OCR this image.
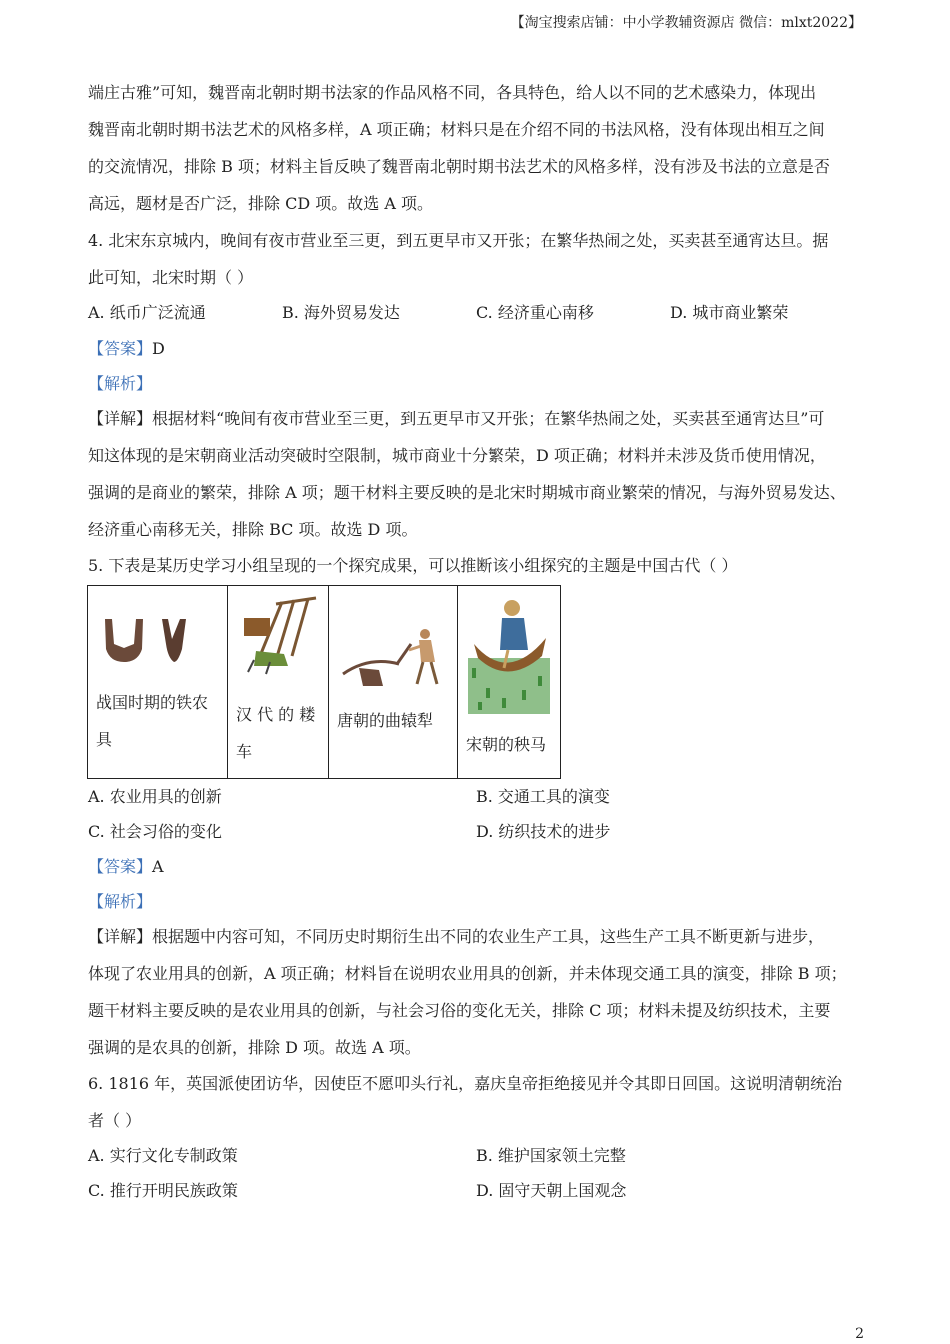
【淘宝搜索店铺：中小学教辅资源店 微信：mlxt2022】
端庄古雅”可知，魏晋南北朝时期书法家的作品风格不同，各具特色，给人以不同的艺术感染力，体现出
魏晋南北朝时期书法艺术的风格多样，A 项正确；材料只是在介绍不同的书法风格，没有体现出相互之间
的交流情况，排除 B 项；材料主旨反映了魏晋南北朝时期书法艺术的风格多样，没有涉及书法的立意是否
高远，题材是否广泛，排除 CD 项。故选 A 项。
4. 北宋东京城内，晚间有夜市营业至三更，到五更早市又开张；在繁华热闹之处，买卖甚至通宵达旦。据
此可知，北宋时期（ ）
A. 纸币广泛流通	B. 海外贸易发达	C. 经济重心南移	D. 城市商业繁荣
【答案】D
【解析】
【详解】根据材料“晚间有夜市营业至三更，到五更早市又开张；在繁华热闹之处，买卖甚至通宵达旦”可
知这体现的是宋朝商业活动突破时空限制，城市商业十分繁荣，D 项正确；材料并未涉及货币使用情况，
强调的是商业的繁荣，排除 A 项；题干材料主要反映的是北宋时期城市商业繁荣的情况，与海外贸易发达、
经济重心南移无关，排除 BC 项。故选 D 项。
5. 下表是某历史学习小组呈现的一个探究成果，可以推断该小组探究的主题是中国古代（ ）
战国时期的铁农
具

汉 代 的 耧
车

唐朝的曲辕犁

宋朝的秧马
A. 农业用具的创新	B. 交通工具的演变
C. 社会习俗的变化	D. 纺织技术的进步
【答案】A
【解析】
【详解】根据题中内容可知，不同历史时期衍生出不同的农业生产工具，这些生产工具不断更新与进步，
体现了农业用具的创新，A 项正确；材料旨在说明农业用具的创新，并未体现交通工具的演变，排除 B 项；
题干材料主要反映的是农业用具的创新，与社会习俗的变化无关，排除 C 项；材料未提及纺织技术，主要
强调的是农具的创新，排除 D 项。故选 A 项。
6. 1816 年，英国派使团访华，因使臣不愿叩头行礼，嘉庆皇帝拒绝接见并令其即日回国。这说明清朝统治
者（ ）
A. 实行文化专制政策	B. 维护国家领土完整
C. 推行开明民族政策	D. 固守天朝上国观念
2
